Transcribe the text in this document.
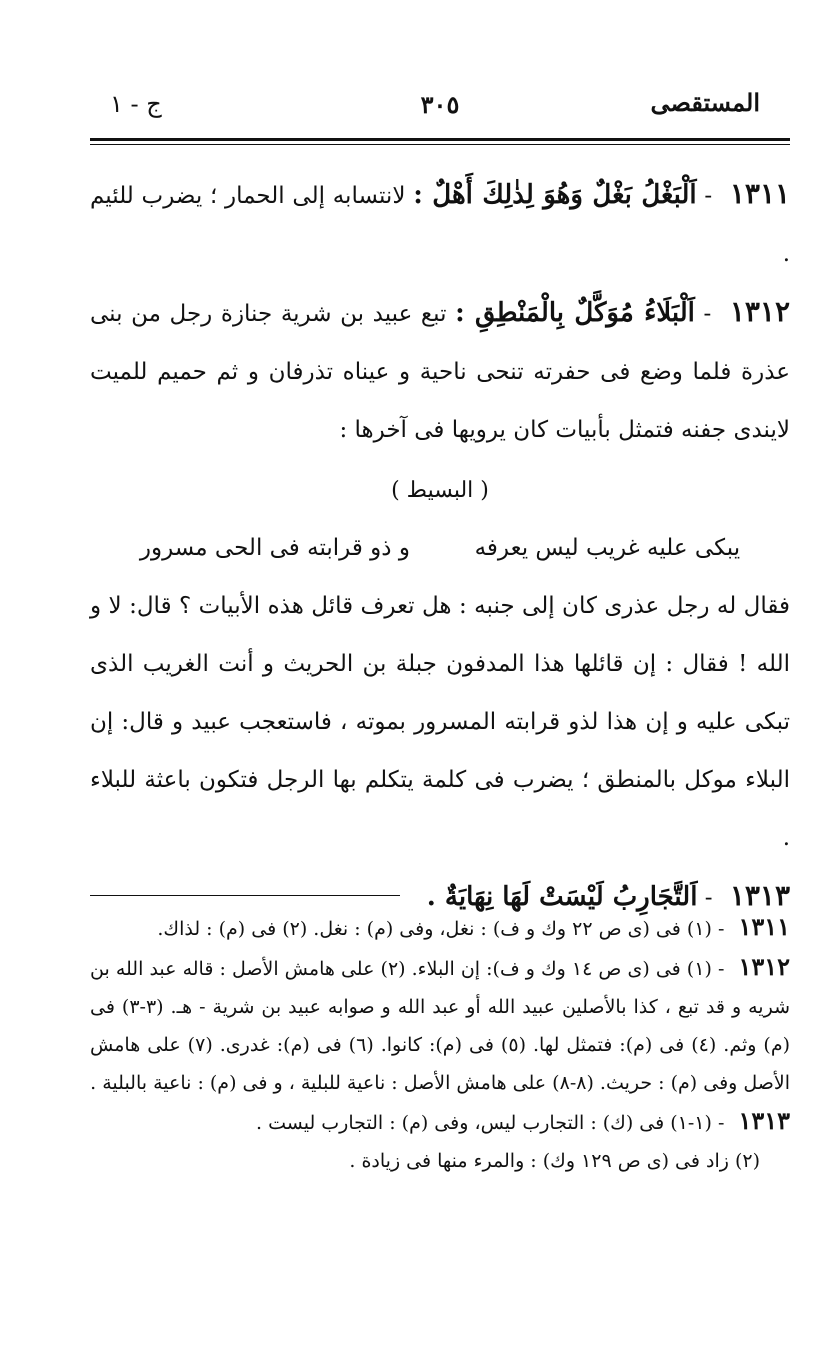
المستقصى
٣٠٥
ج - ١

١٣١١ - اَلْبَغْلُ بَغْلٌ وَهُوَ لِذٰلِكَ أَهْلٌ : لانتسابه إلى الحمار ؛ يضرب للئيم .

١٣١٢ - اَلْبَلَاءُ مُوَكَّلٌ بِالْمَنْطِقِ : تبع عبيد بن شرية جنازة رجل من بنى عذرة فلما وضع فى حفرته تنحى ناحية و عيناه تذرفان و ثم حميم للميت لايندى جفنه فتمثل بأبيات كان يرويها فى آخرها :

( البسيط )
يبكى عليه غريب ليس يعرفه  و ذو قرابته فى الحى مسرور

فقال له رجل عذرى كان إلى جنبه : هل تعرف قائل هذه الأبيات ؟ قال: لا و الله ! فقال : إن قائلها هذا المدفون جبلة بن الحريث و أنت الغريب الذى تبكى عليه و إن هذا لذو قرابته المسرور بموته ، فاستعجب عبيد و قال: إن البلاء موكل بالمنطق ؛ يضرب فى كلمة يتكلم بها الرجل فتكون باعثة للبلاء .

١٣١٣ - اَلتَّجَارِبُ لَيْسَتْ لَهَا نِهَايَةٌ .

١٣١١ - (١) فى (ى ص ٢٢ وك و ف) : نغل، وفى (م) : نغل. (٢) فى (م) : لذاك.
١٣١٢ - (١) فى (ى ص ١٤ وك و ف): إن البلاء. (٢) على هامش الأصل : قاله عبد الله بن شريه و قد تبع ، كذا بالأصلين عبيد الله أو عبد الله و صوابه عبيد بن شرية - هـ. (٣-٣) فى (م) وثم. (٤) فى (م): فتمثل لها. (٥) فى (م): كانوا. (٦) فى (م): غدرى. (٧) على هامش الأصل وفى (م) : حريث. (٨-٨) على هامش الأصل : ناعية للبلية ، و فى (م) : ناعية بالبلية .
١٣١٣ - (١-١) فى (ك) : التجارب ليس، وفى (م) : التجارب ليست .
(٢) زاد فى (ى ص ١٢٩ وك) : والمرء منها فى زيادة .
